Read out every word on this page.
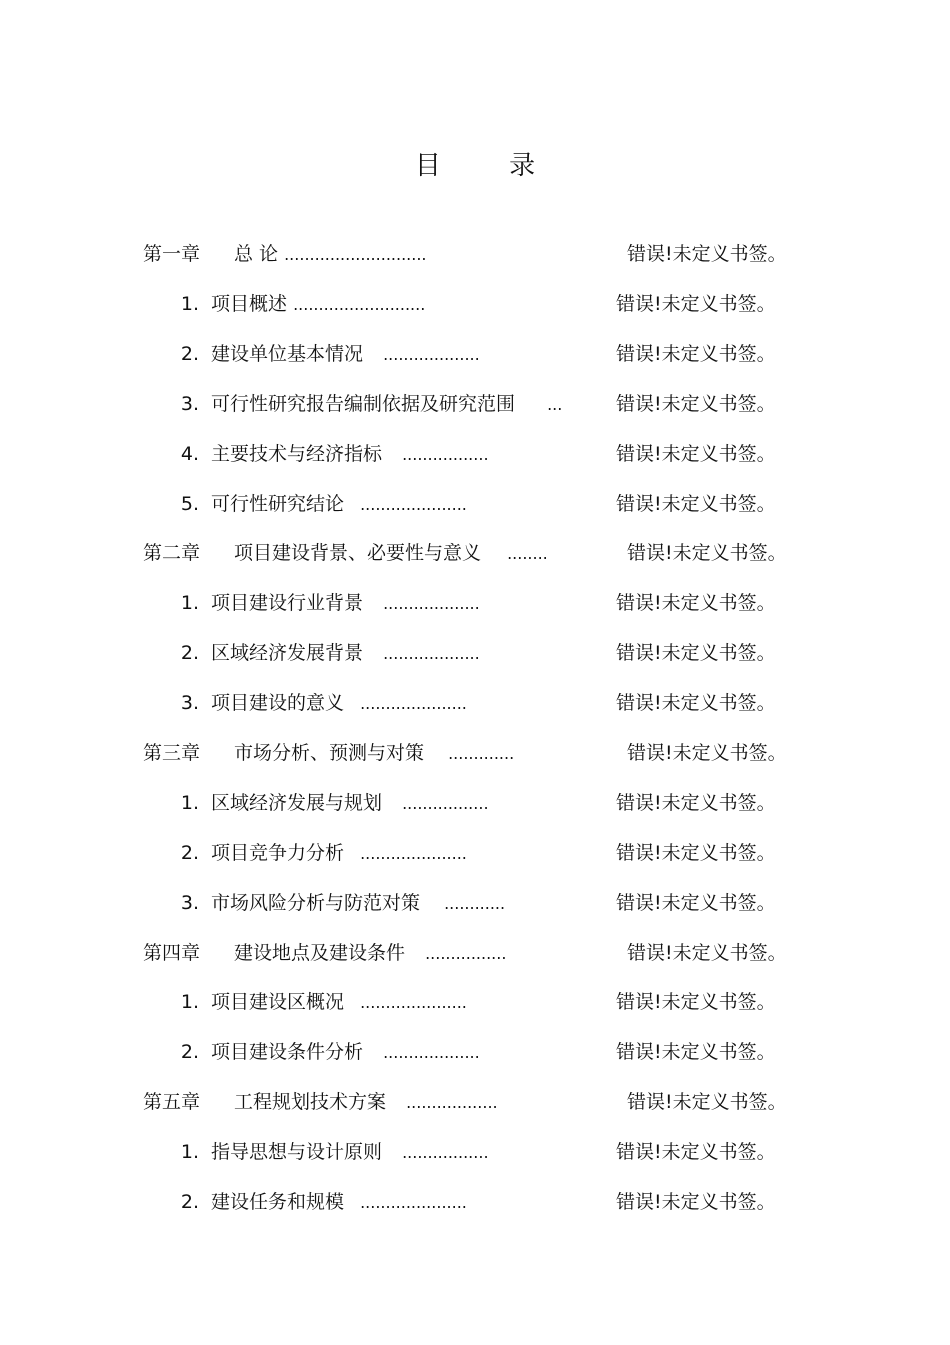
目 录
第一章 总 论 ............................	错误!未定义书签。
1. 项目概述 ..........................	错误!未定义书签。
2. 建设单位基本情况 ...................	错误!未定义书签。
3. 可行性研究报告编制依据及研究范围 ...	错误!未定义书签。
4. 主要技术与经济指标 .................	错误!未定义书签。
5. 可行性研究结论 .....................	错误!未定义书签。
第二章 项目建设背景、必要性与意义 ........	错误!未定义书签。
1. 项目建设行业背景 ...................	错误!未定义书签。
2. 区域经济发展背景 ...................	错误!未定义书签。
3. 项目建设的意义 .....................	错误!未定义书签。
第三章 市场分析、预测与对策 .............	错误!未定义书签。
1. 区域经济发展与规划 .................	错误!未定义书签。
2. 项目竞争力分析 .....................	错误!未定义书签。
3. 市场风险分析与防范对策 ............	错误!未定义书签。
第四章 建设地点及建设条件 ................	错误!未定义书签。
1. 项目建设区概况 .....................	错误!未定义书签。
2. 项目建设条件分析 ...................	错误!未定义书签。
第五章 工程规划技术方案 ..................	错误!未定义书签。
1. 指导思想与设计原则 .................	错误!未定义书签。
2. 建设任务和规模 .....................	错误!未定义书签。
